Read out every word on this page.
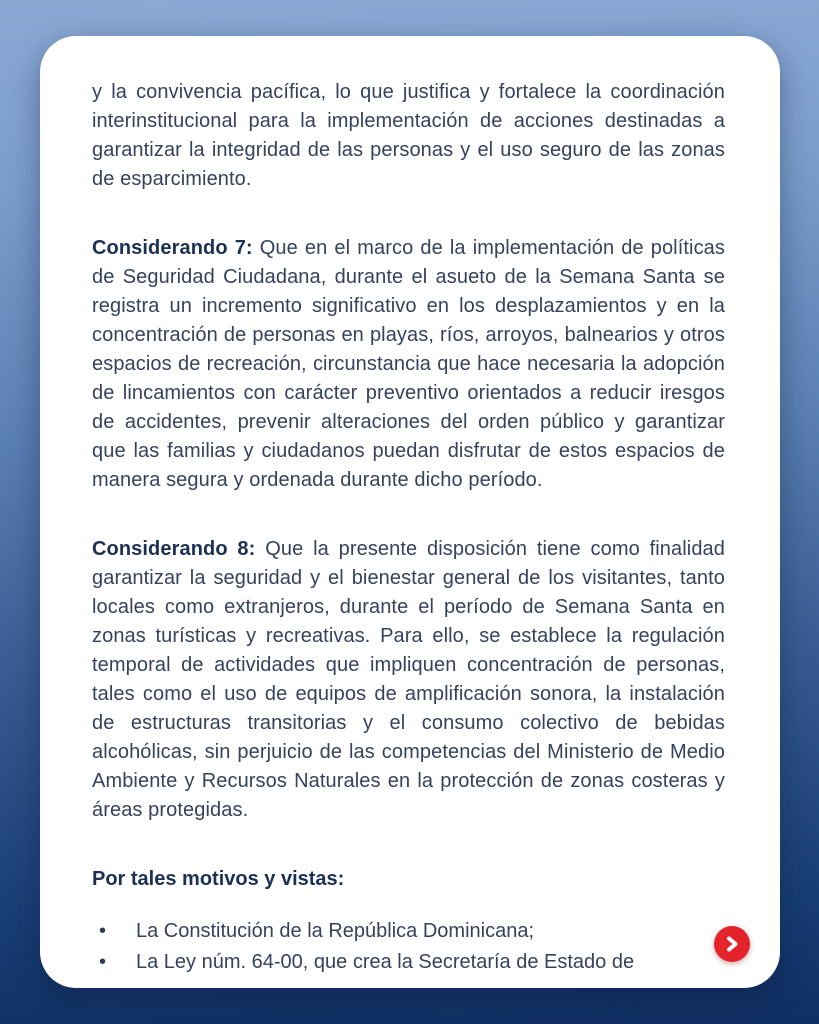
y la convivencia pacífica, lo que justifica y fortalece la coordinación interinstitucional para la implementación de acciones destinadas a garantizar la integridad de las personas y el uso seguro de las zonas de esparcimiento.

Considerando 7: Que en el marco de la implementación de políticas de Seguridad Ciudadana, durante el asueto de la Semana Santa se registra un incremento significativo en los desplazamientos y en la concentración de personas en playas, ríos, arroyos, balnearios y otros espacios de recreación, circunstancia que hace necesaria la adopción de lincamientos con carácter preventivo orientados a reducir iresgos de accidentes, prevenir alteraciones del orden público y garantizar que las familias y ciudadanos puedan disfrutar de estos espacios de manera segura y ordenada durante dicho período.

Considerando 8: Que la presente disposición tiene como finalidad garantizar la seguridad y el bienestar general de los visitantes, tanto locales como extranjeros, durante el período de Semana Santa en zonas turísticas y recreativas. Para ello, se establece la regulación temporal de actividades que impliquen concentración de personas, tales como el uso de equipos de amplificación sonora, la instalación de estructuras transitorias y el consumo colectivo de bebidas alcohólicas, sin perjuicio de las competencias del Ministerio de Medio Ambiente y Recursos Naturales en la protección de zonas costeras y áreas protegidas.

Por tales motivos y vistas:

•	La Constitución de la República Dominicana;
•	La Ley núm. 64-00, que crea la Secretaría de Estado de
